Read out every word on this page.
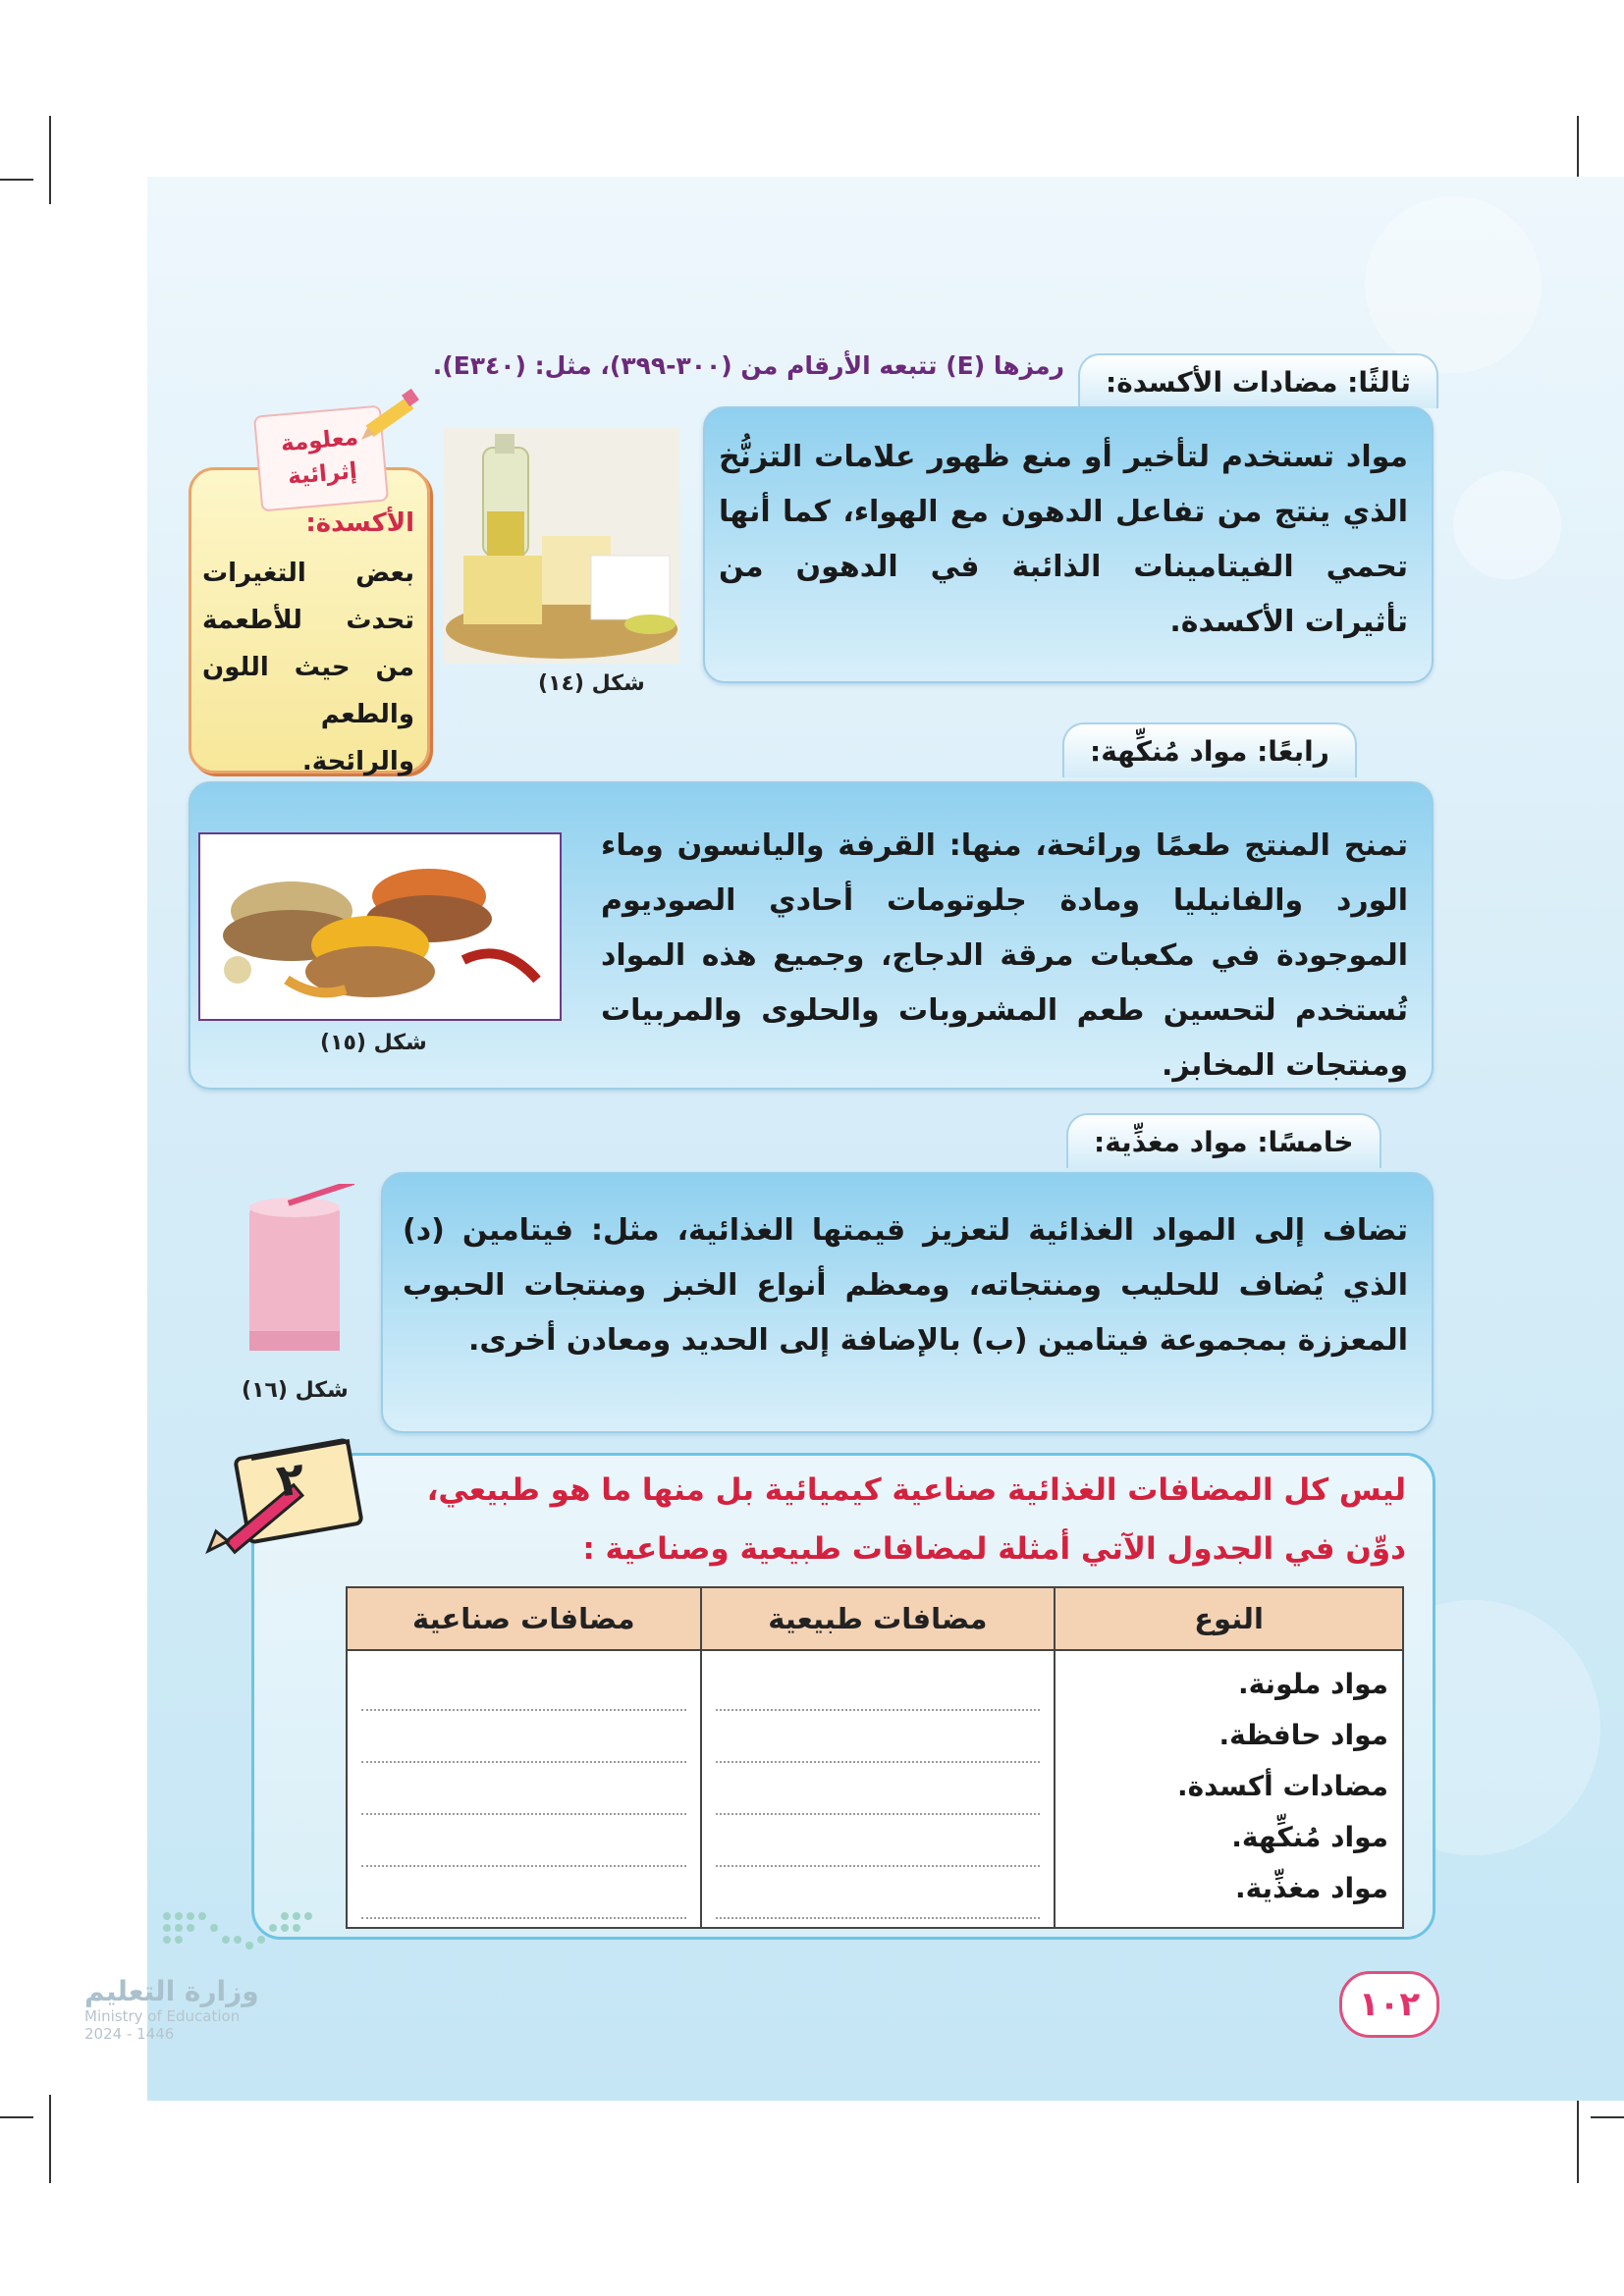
ثالثًا: مضادات الأكسدة:
رمزها (E) تتبعه الأرقام من (٣٠٠-٣٩٩)، مثل: (E٣٤٠).
مواد تستخدم لتأخير أو منع ظهور علامات التزنُّخ الذي ينتج من تفاعل الدهون مع الهواء، كما أنها تحمي الفيتامينات الذائبة في الدهون من تأثيرات الأكسدة.
شكل (١٤)
معلومة إثرائية
الأكسدة:
بعض التغيرات تحدث للأطعمة من حيث اللون والطعم والرائحة.	رابعًا: مواد مُنكِّهة:
تمنح المنتج طعمًا ورائحة، منها: القرفة واليانسون وماء الورد والفانيليا ومادة جلوتومات أحادي الصوديوم الموجودة في مكعبات مرقة الدجاج، وجميع هذه المواد تُستخدم لتحسين طعم المشروبات والحلوى والمربيات ومنتجات المخابز.
شكل (١٥)
خامسًا: مواد مغذِّية:
تضاف إلى المواد الغذائية لتعزيز قيمتها الغذائية، مثل: فيتامين (د) الذي يُضاف للحليب ومنتجاته، ومعظم أنواع الخبز ومنتجات الحبوب المعززة بمجموعة فيتامين (ب) بالإضافة إلى الحديد ومعادن أخرى.
شكل (١٦)
٢	ليس كل المضافات الغذائية صناعية كيميائية بل منها ما هو طبيعي،
دوِّن في الجدول الآتي أمثلة لمضافات طبيعية وصناعية :
النوع	مضافات طبيعية	مضافات صناعية

مواد ملونة.
مواد حافظة.
مضادات أكسدة.
مواد مُنكِّهة.
مواد مغذِّية.		

١٠٢
وزارة التعليم
Ministry of Education
2024 - 1446
